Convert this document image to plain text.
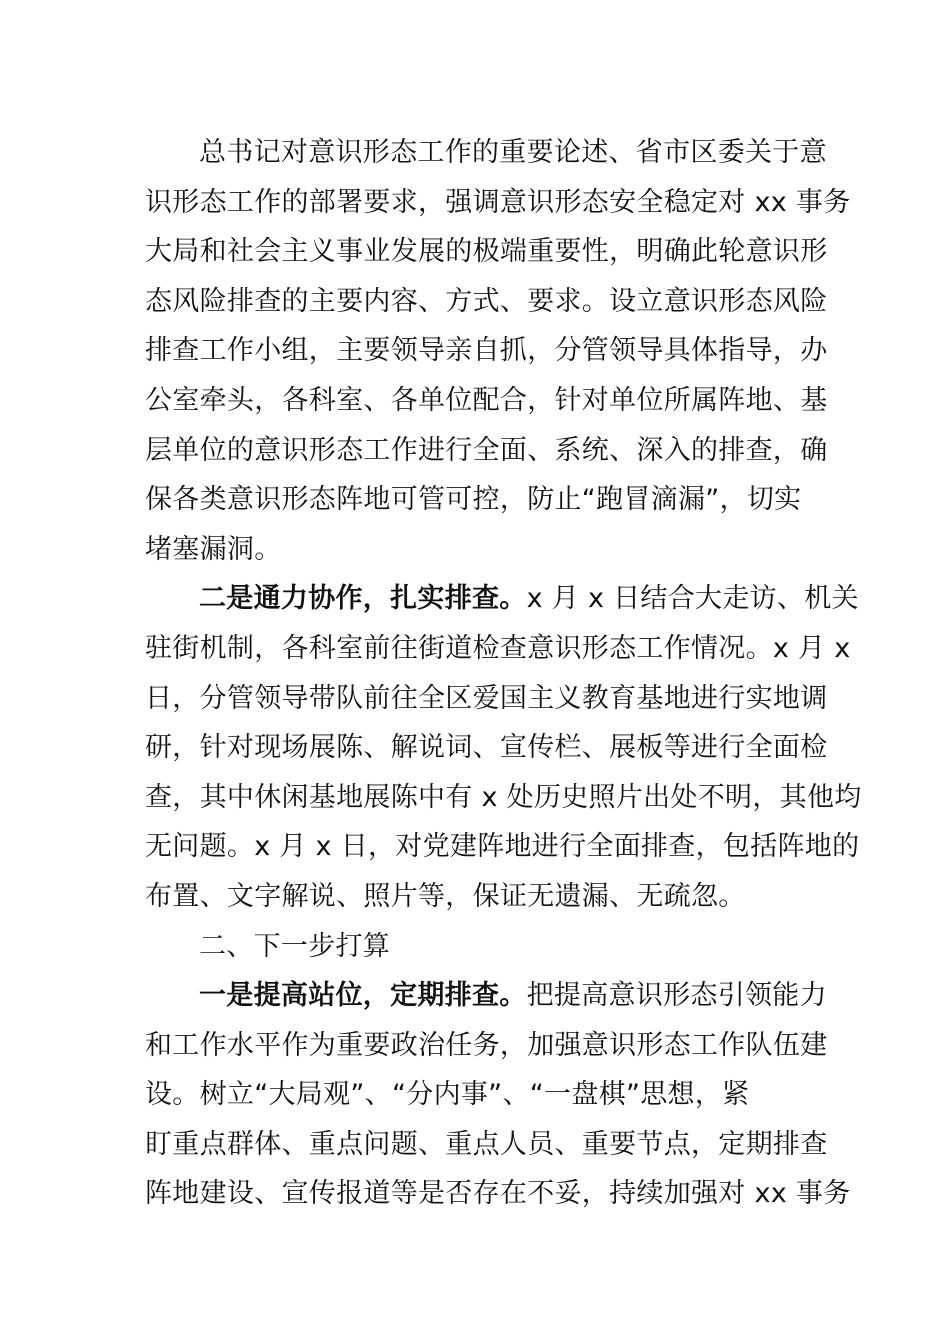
总书记对意识形态工作的重要论述、省市区委关于意
识形态工作的部署要求，强调意识形态安全稳定对 xx 事务
大局和社会主义事业发展的极端重要性，明确此轮意识形
态风险排查的主要内容、方式、要求。设立意识形态风险
排查工作小组，主要领导亲自抓，分管领导具体指导，办
公室牵头，各科室、各单位配合，针对单位所属阵地、基
层单位的意识形态工作进行全面、系统、深入的排查，确
保各类意识形态阵地可管可控，防止“跑冒滴漏”，切实
堵塞漏洞。
二是通力协作，扎实排查。x 月 x 日结合大走访、机关
驻街机制，各科室前往街道检查意识形态工作情况。x 月 x
日，分管领导带队前往全区爱国主义教育基地进行实地调
研，针对现场展陈、解说词、宣传栏、展板等进行全面检
查，其中休闲基地展陈中有 x 处历史照片出处不明，其他均
无问题。x 月 x 日，对党建阵地进行全面排查，包括阵地的
布置、文字解说、照片等，保证无遗漏、无疏忽。
二、下一步打算
一是提高站位，定期排查。把提高意识形态引领能力
和工作水平作为重要政治任务，加强意识形态工作队伍建
设。树立“大局观”、“分内事”、“一盘棋”思想，紧
盯重点群体、重点问题、重点人员、重要节点，定期排查
阵地建设、宣传报道等是否存在不妥，持续加强对 xx 事务
